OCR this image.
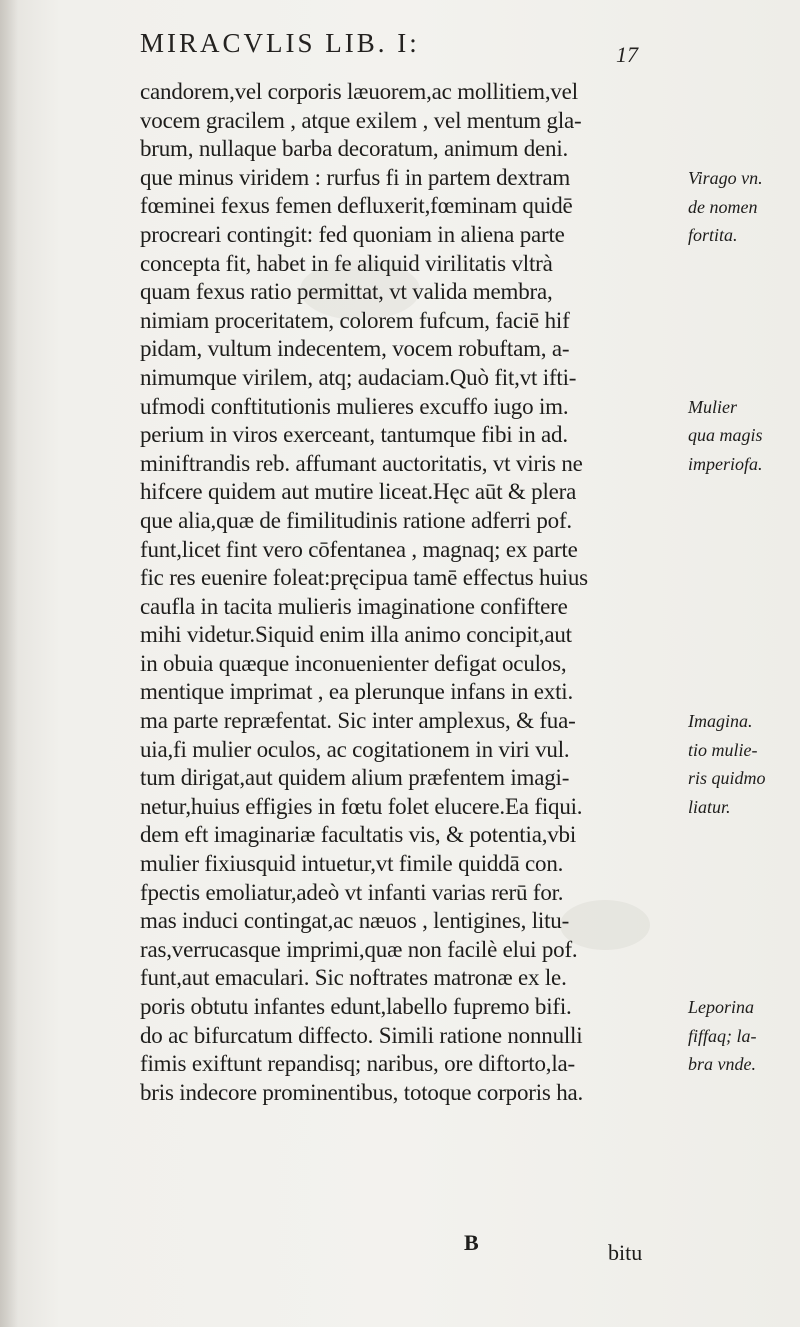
MIRACVLIS LIB. I:	17
candorem,vel corporis læuorem,ac mollitiem,vel
vocem gracilem , atque exilem , vel mentum gla-
brum, nullaque barba decoratum, animum deni.
que minus viridem : rurfus fi in partem dextram
fœminei fexus femen defluxerit,fœminam quidē
procreari contingit: fed quoniam in aliena parte
concepta fit, habet in fe aliquid virilitatis vltrà
quam fexus ratio permittat, vt valida membra,
nimiam proceritatem, colorem fufcum, faciē hif
pidam, vultum indecentem, vocem robuftam, a-
nimumque virilem, atq; audaciam.Quò fit,vt ifti-
ufmodi conftitutionis mulieres excuffo iugo im.
perium in viros exerceant, tantumque fibi in ad.
miniftrandis reb. affumant auctoritatis, vt viris ne
hifcere quidem aut mutire liceat.Hęc aūt & plera
que alia,quæ de fimilitudinis ratione adferri pof.
funt,licet fint vero cōfentanea , magnaq; ex parte
fic res euenire foleat:pręcipua tamē effectus huius
caufla in tacita mulieris imaginatione confiftere
mihi videtur.Siquid enim illa animo concipit,aut
in obuia quæque inconuenienter defigat oculos,
mentique imprimat , ea plerunque infans in exti.
ma parte repræfentat. Sic inter amplexus, & fua-
uia,fi mulier oculos, ac cogitationem in viri vul.
tum dirigat,aut quidem alium præfentem imagi-
netur,huius effigies in fœtu folet elucere.Ea fiqui.
dem eft imaginariæ facultatis vis, & potentia,vbi
mulier fixiusquid intuetur,vt fimile quiddā con.
fpectis emoliatur,adeò vt infanti varias rerū for.
mas induci contingat,ac næuos , lentigines, litu-
ras,verrucasque imprimi,quæ non facilè elui pof.
funt,aut emaculari. Sic noftrates matronæ ex le.
poris obtutu infantes edunt,labello fupremo bifi.
do ac bifurcatum diffecto. Simili ratione nonnulli
fimis exiftunt repandisq; naribus, ore diftorto,la-
bris indecore prominentibus, totoque corporis ha.
Virago vn.
de nomen
fortita.
Mulier
qua magis
imperiofa.
Imagina.
tio mulie-
ris quidmo
liatur.
Leporina
fiffaq; la-
bra vnde.
B	bitu
